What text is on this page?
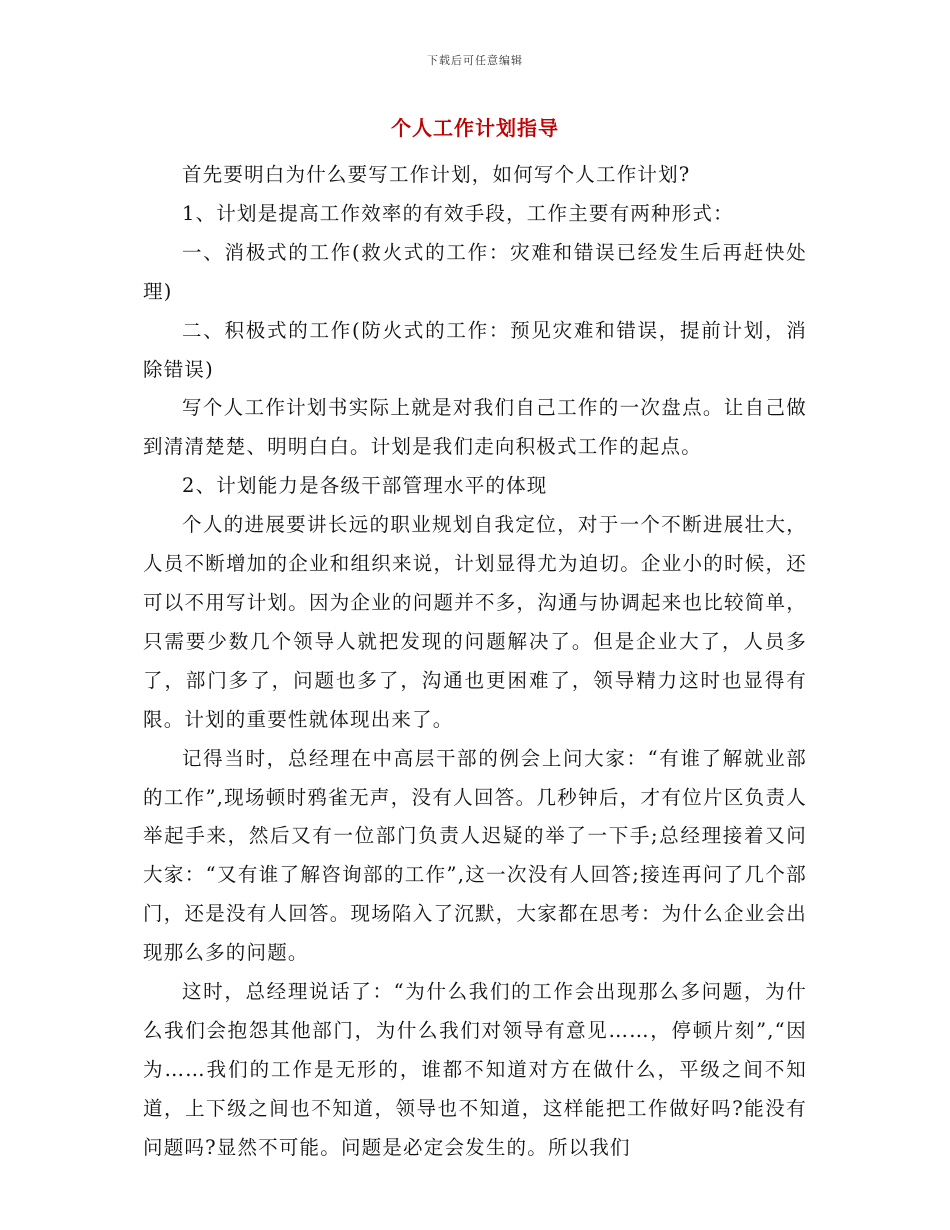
下载后可任意编辑
个人工作计划指导

首先要明白为什么要写工作计划，如何写个人工作计划?

1、计划是提高工作效率的有效手段，工作主要有两种形式：

一、消极式的工作(救火式的工作：灾难和错误已经发生后再赶快处理)

二、积极式的工作(防火式的工作：预见灾难和错误，提前计划，消除错误)

写个人工作计划书实际上就是对我们自己工作的一次盘点。让自己做到清清楚楚、明明白白。计划是我们走向积极式工作的起点。

2、计划能力是各级干部管理水平的体现

个人的进展要讲长远的职业规划自我定位，对于一个不断进展壮大，人员不断增加的企业和组织来说，计划显得尤为迫切。企业小的时候，还可以不用写计划。因为企业的问题并不多，沟通与协调起来也比较简单，只需要少数几个领导人就把发现的问题解决了。但是企业大了，人员多了，部门多了，问题也多了，沟通也更困难了，领导精力这时也显得有限。计划的重要性就体现出来了。

记得当时，总经理在中高层干部的例会上问大家：“有谁了解就业部的工作”,现场顿时鸦雀无声，没有人回答。几秒钟后，才有位片区负责人举起手来，然后又有一位部门负责人迟疑的举了一下手;总经理接着又问大家：“又有谁了解咨询部的工作”,这一次没有人回答;接连再问了几个部门，还是没有人回答。现场陷入了沉默，大家都在思考：为什么企业会出现那么多的问题。

这时，总经理说话了：“为什么我们的工作会出现那么多问题，为什么我们会抱怨其他部门，为什么我们对领导有意见……，停顿片刻”,“因为……我们的工作是无形的，谁都不知道对方在做什么，平级之间不知道，上下级之间也不知道，领导也不知道，这样能把工作做好吗?能没有问题吗?显然不可能。问题是必定会发生的。所以我们
